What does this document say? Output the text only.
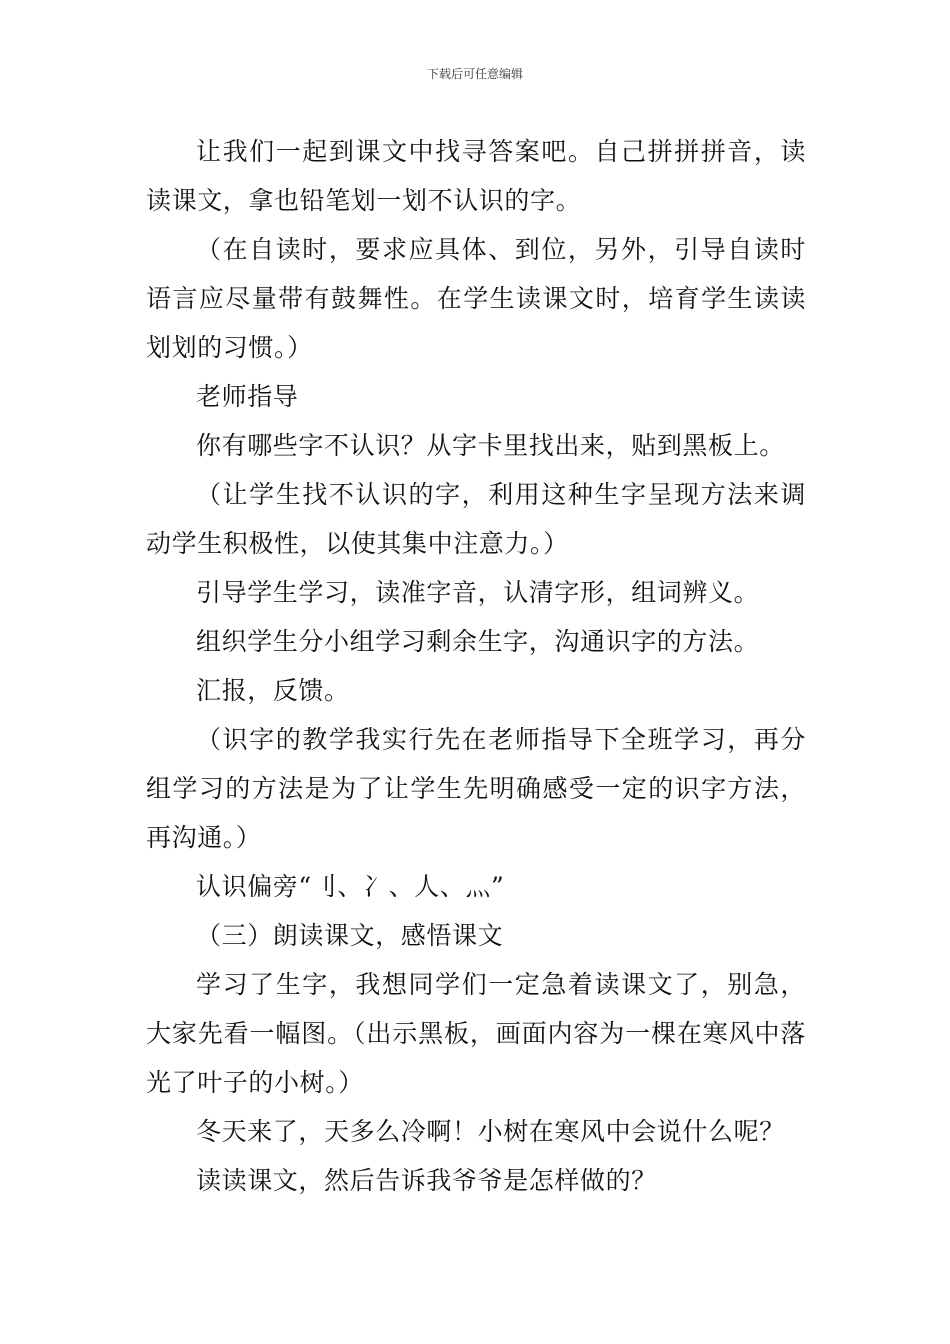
下载后可任意编辑

让我们一起到课文中找寻答案吧。自己拼拼拼音，读读课文，拿也铅笔划一划不认识的字。

（在自读时，要求应具体、到位，另外，引导自读时语言应尽量带有鼓舞性。在学生读课文时，培育学生读读划划的习惯。）

老师指导

你有哪些字不认识？从字卡里找出来，贴到黑板上。

（让学生找不认识的字，利用这种生字呈现方法来调动学生积极性，以使其集中注意力。）

引导学生学习，读准字音，认清字形，组词辨义。

组织学生分小组学习剩余生字，沟通识字的方法。

汇报，反馈。

（识字的教学我实行先在老师指导下全班学习，再分组学习的方法是为了让学生先明确感受一定的识字方法，再沟通。）

认识偏旁“刂、冫、人、灬”

（三）朗读课文，感悟课文

学习了生字，我想同学们一定急着读课文了，别急，大家先看一幅图。（出示黑板，画面内容为一棵在寒风中落光了叶子的小树。）

冬天来了，天多么冷啊！小树在寒风中会说什么呢？

读读课文，然后告诉我爷爷是怎样做的？
